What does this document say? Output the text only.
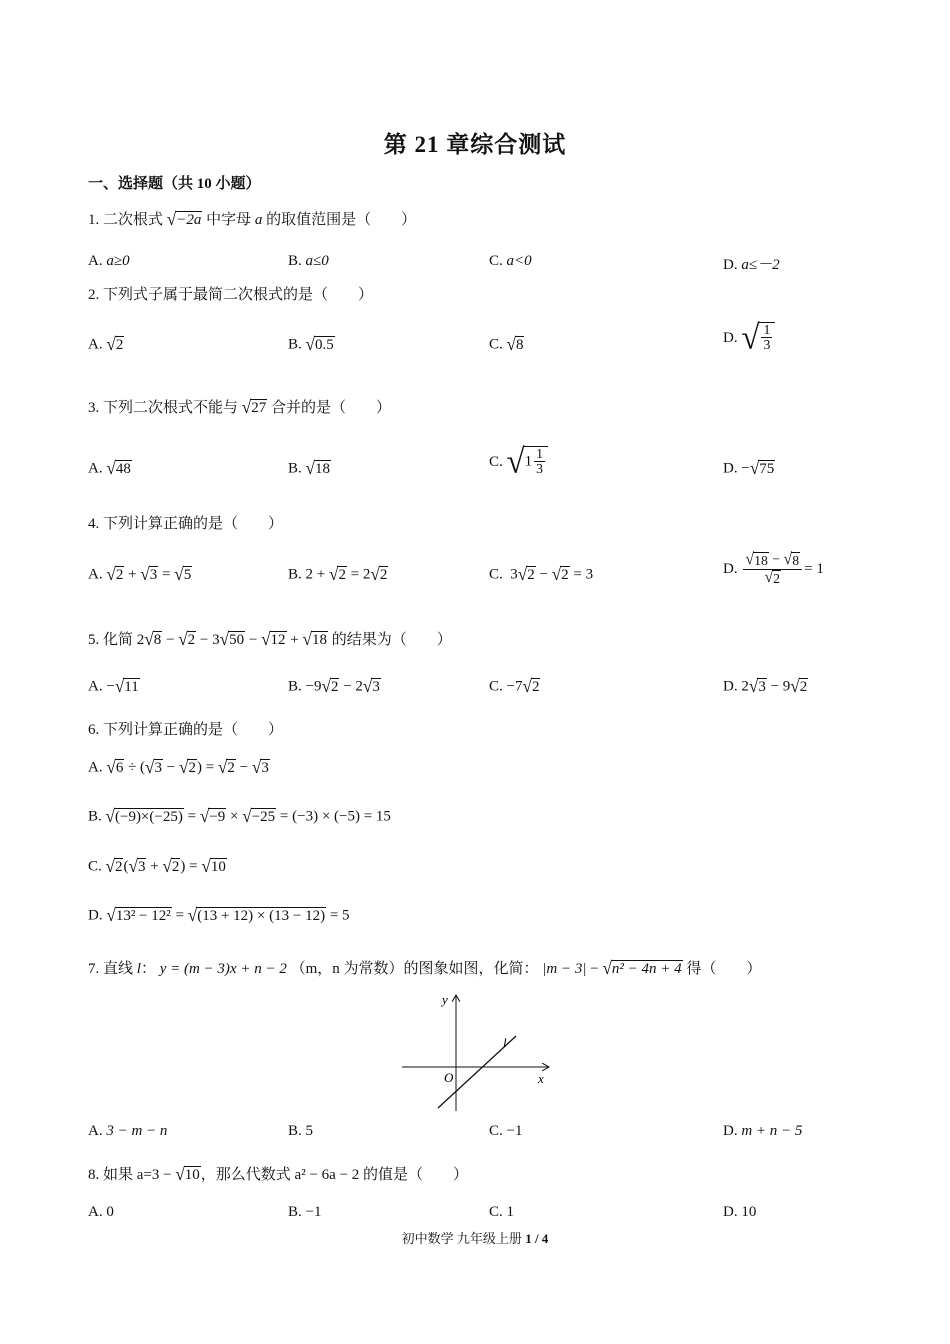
第 21 章综合测试
一、选择题（共 10 小题）
1. 二次根式 √ −2a 中字母 a 的取值范围是（　　）
A. a≥0	B. a≤0	C. a<0	D. a≤－2
2. 下列式子属于最简二次根式的是（　　）
A. √ 2	B. √ 0.5	C. √ 8	D. √ $\frac{1}{3}$
3. 下列二次根式不能与 √ 27 合并的是（　　）
A. √ 48	B. √ 18	C. √ $1 \frac{1}{3}$	D. − √ 75
4. 下列计算正确的是（　　）
A. √ 2 + √ 3 = √ 5	B. 2 + √ 2 = 2 √ 2	C. 3 √ 2 − √ 2 = 3	D. $\frac{√ 18 - √ 8}{√ 2} = 1$
5. 化简 2 √ 8 − √ 2 − 3 √ 50 − √ 12 + √ 18 的结果为（　　）
A. − √ 11	B. −9 √ 2 − 2 √ 3	C. −7 √ 2	D. 2 √ 3 − 9 √ 2
6. 下列计算正确的是（　　）
A. √ 6 ÷ ( √ 3 − √ 2 ) = √ 2 − √ 3
B. √ (−9)×(−25) = √ −9 × √ −25 = (−3) × (−5) = 15
C. √ 2 ( √ 3 + √ 2 ) = √ 10
D. √ 13² − 12² = √ (13 + 12) × (13 − 12) = 5
7. 直线 l： y = (m − 3)x + n − 2 （m，n 为常数）的图象如图，化简： |m − 3| − √ n² − 4n + 4 得（　　）
y
x
O
l
A. 3 − m − n	B. 5	C. −1	D. m + n − 5
8. 如果 a=3 − √ 10 ，那么代数式 a² − 6a − 2 的值是（　　）
A. 0	B. −1	C. 1	D. 10
初中数学 九年级上册 1 / 4
